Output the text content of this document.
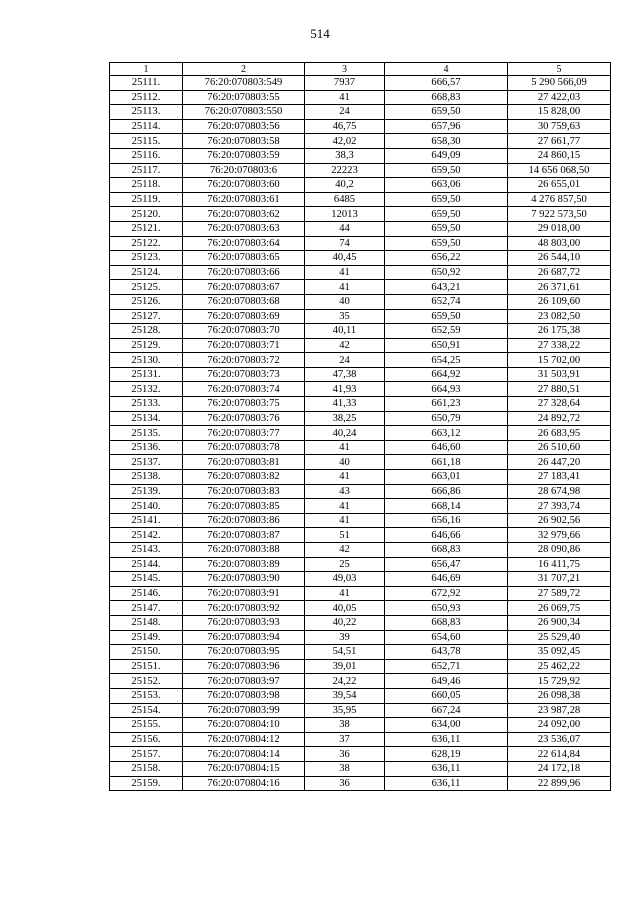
514
1	2	3	4	5
25111.	76:20:070803:549	7937	666,57	5 290 566,09
25112.	76:20:070803:55	41	668,83	27 422,03
25113.	76:20:070803:550	24	659,50	15 828,00
25114.	76:20:070803:56	46,75	657,96	30 759,63
25115.	76:20:070803:58	42,02	658,30	27 661,77
25116.	76:20:070803:59	38,3	649,09	24 860,15
25117.	76:20:070803:6	22223	659,50	14 656 068,50
25118.	76:20:070803:60	40,2	663,06	26 655,01
25119.	76:20:070803:61	6485	659,50	4 276 857,50
25120.	76:20:070803:62	12013	659,50	7 922 573,50
25121.	76:20:070803:63	44	659,50	29 018,00
25122.	76:20:070803:64	74	659,50	48 803,00
25123.	76:20:070803:65	40,45	656,22	26 544,10
25124.	76:20:070803:66	41	650,92	26 687,72
25125.	76:20:070803:67	41	643,21	26 371,61
25126.	76:20:070803:68	40	652,74	26 109,60
25127.	76:20:070803:69	35	659,50	23 082,50
25128.	76:20:070803:70	40,11	652,59	26 175,38
25129.	76:20:070803:71	42	650,91	27 338,22
25130.	76:20:070803:72	24	654,25	15 702,00
25131.	76:20:070803:73	47,38	664,92	31 503,91
25132.	76:20:070803:74	41,93	664,93	27 880,51
25133.	76:20:070803:75	41,33	661,23	27 328,64
25134.	76:20:070803:76	38,25	650,79	24 892,72
25135.	76:20:070803:77	40,24	663,12	26 683,95
25136.	76:20:070803:78	41	646,60	26 510,60
25137.	76:20:070803:81	40	661,18	26 447,20
25138.	76:20:070803:82	41	663,01	27 183,41
25139.	76:20:070803:83	43	666,86	28 674,98
25140.	76:20:070803:85	41	668,14	27 393,74
25141.	76:20:070803:86	41	656,16	26 902,56
25142.	76:20:070803:87	51	646,66	32 979,66
25143.	76:20:070803:88	42	668,83	28 090,86
25144.	76:20:070803:89	25	656,47	16 411,75
25145.	76:20:070803:90	49,03	646,69	31 707,21
25146.	76:20:070803:91	41	672,92	27 589,72
25147.	76:20:070803:92	40,05	650,93	26 069,75
25148.	76:20:070803:93	40,22	668,83	26 900,34
25149.	76:20:070803:94	39	654,60	25 529,40
25150.	76:20:070803:95	54,51	643,78	35 092,45
25151.	76:20:070803:96	39,01	652,71	25 462,22
25152.	76:20:070803:97	24,22	649,46	15 729,92
25153.	76:20:070803:98	39,54	660,05	26 098,38
25154.	76:20:070803:99	35,95	667,24	23 987,28
25155.	76:20:070804:10	38	634,00	24 092,00
25156.	76:20:070804:12	37	636,11	23 536,07
25157.	76:20:070804:14	36	628,19	22 614,84
25158.	76:20:070804:15	38	636,11	24 172,18
25159.	76:20:070804:16	36	636,11	22 899,96
